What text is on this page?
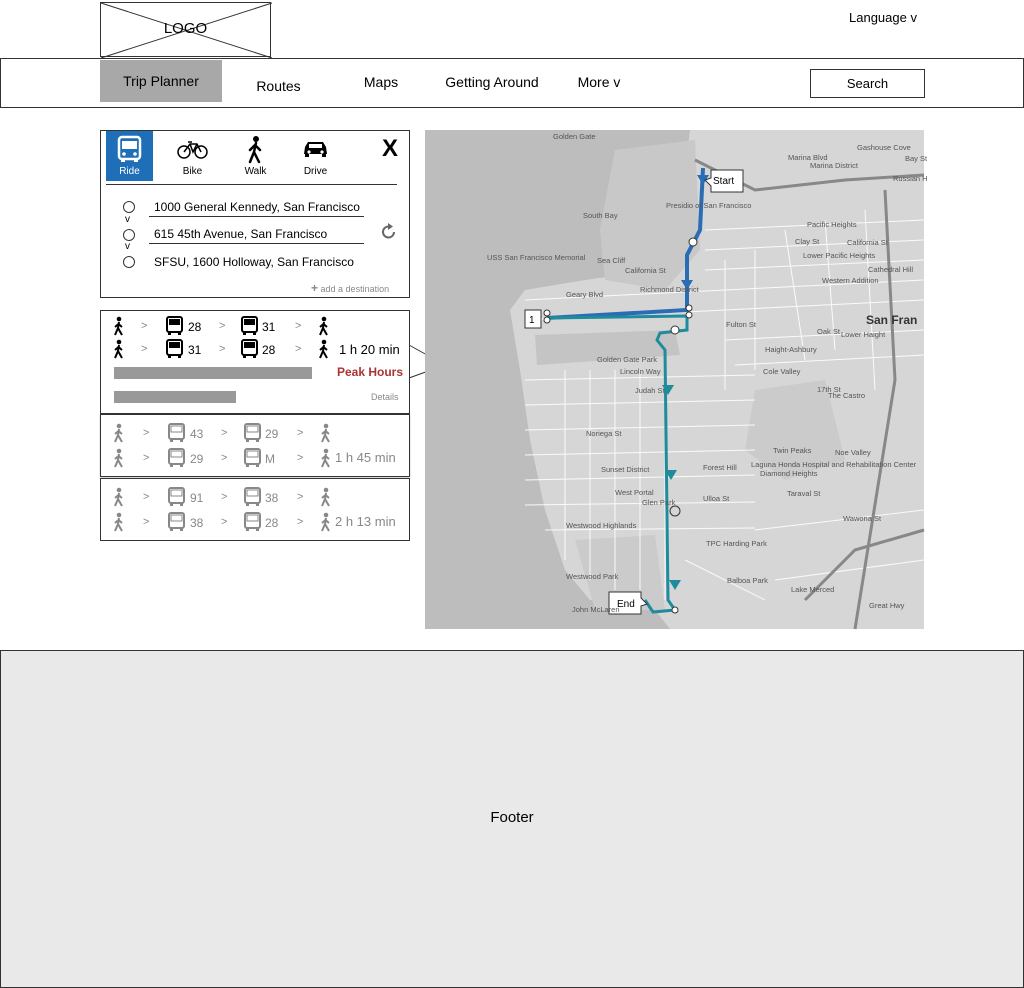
LOGO
Language v
Trip Planner	Routes	Maps	Getting Around	More v	Search
Ride	Bike	Walk	Drive
X
v
v
1000 General Kennedy, San Francisco
615 45th Avenue, San Francisco
SFSU, 1600 Holloway, San Francisco
+ add a destination
>	28 >	31 >
>	31 >	28 >	1 h 20 min
Peak Hours
Details
>	43 >	29 >
>	29 >	M > 1 h 45 min
>	91 >	38 >
>	38 >	28 > 2 h 13 min
Start
End
1
Golden Gate
Marina Blvd
Gashouse Cove
Marina District
Bay St
Russian H
South Bay
Presidio of San Francisco
USS San Francisco Memorial Sea Cliff
California St
Pacific Heights
Clay St	California St
Lower Pacific Heights
Cathedral Hill
Western Addition
Geary Blvd
Richmond District
Fulton St
Oak St Lower Haight
San Fran
Golden Gate Park
Lincoln Way
Haight-Ashbury
Cole Valley
17th St
The Castro
Judah St
Noriega St
Twin Peaks	Noe Valley
Sunset District	Forest Hill Laguna Honda Hospital and Rehabilitation Center
Taraval St
West Portal
Ulloa St
Glen Park
Wawona St
Westwood Highlands
TPC Harding Park
Westwood Park	Balboa Park
Lake Merced
John McLaren	Great Hwy
Diamond Heights
Footer
